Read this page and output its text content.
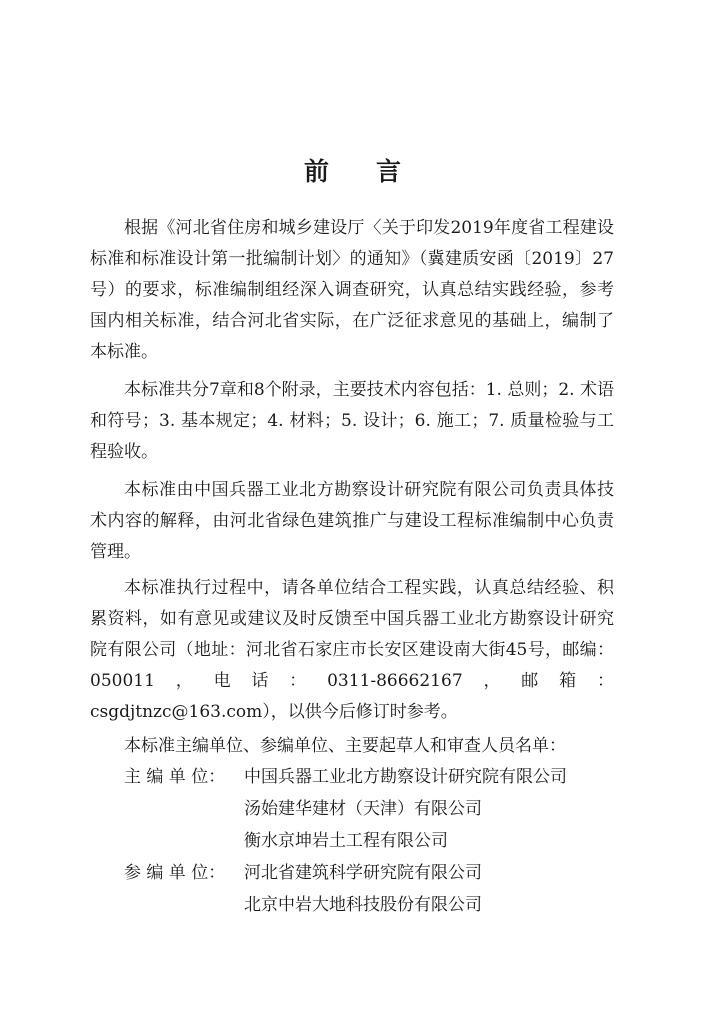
前 言
根据《河北省住房和城乡建设厅〈关于印发2019年度省工程建设标准和标准设计第一批编制计划〉的通知》（冀建质安函〔2019〕27号）的要求，标准编制组经深入调查研究，认真总结实践经验，参考国内相关标准，结合河北省实际，在广泛征求意见的基础上，编制了本标准。
本标准共分7章和8个附录，主要技术内容包括：1. 总则；2. 术语和符号；3. 基本规定；4. 材料；5. 设计；6. 施工；7. 质量检验与工程验收。
本标准由中国兵器工业北方勘察设计研究院有限公司负责具体技术内容的解释，由河北省绿色建筑推广与建设工程标准编制中心负责管理。
本标准执行过程中，请各单位结合工程实践，认真总结经验、积累资料，如有意见或建议及时反馈至中国兵器工业北方勘察设计研究院有限公司（地址：河北省石家庄市长安区建设南大街45号，邮编：050011，电话：0311-86662167，邮箱：csgdjtnzc@163.com），以供今后修订时参考。
本标准主编单位、参编单位、主要起草人和审查人员名单：
主 编 单 位：	中国兵器工业北方勘察设计研究院有限公司
汤始建华建材（天津）有限公司
衡水京坤岩土工程有限公司
参 编 单 位：	河北省建筑科学研究院有限公司
北京中岩大地科技股份有限公司
